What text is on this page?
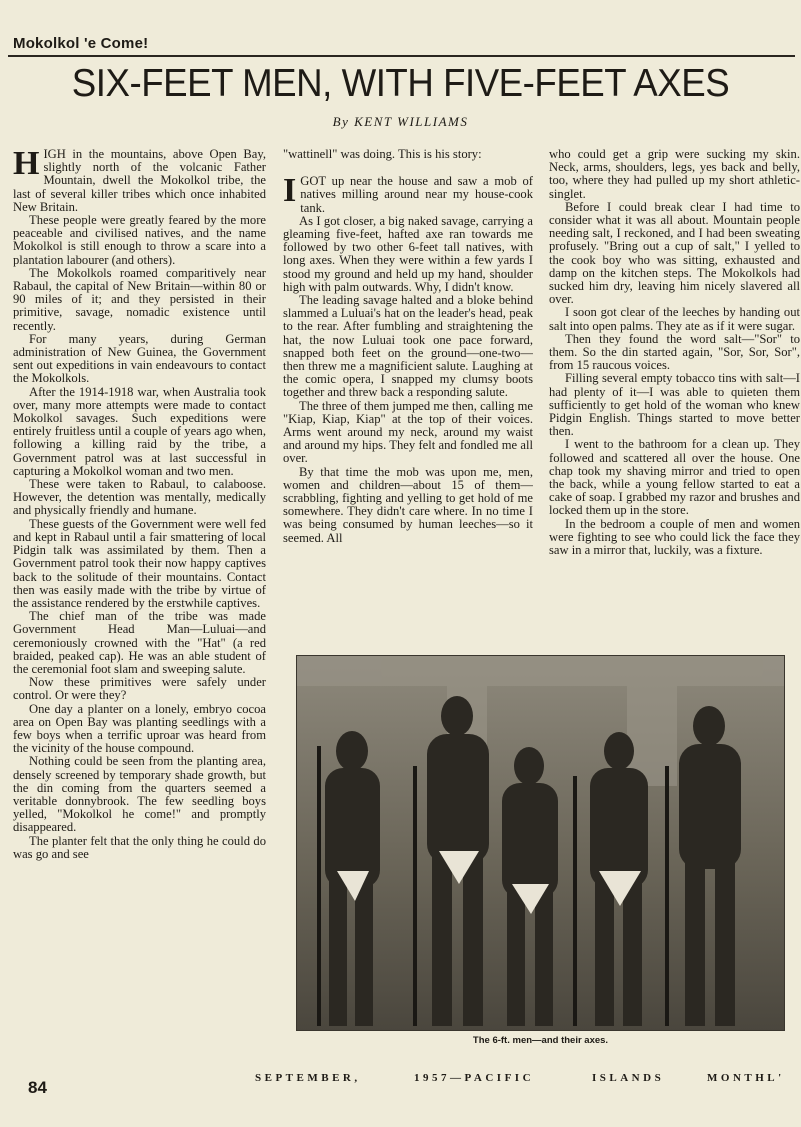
Mokolkol 'e Come!
SIX-FEET MEN, WITH FIVE-FEET AXES
By KENT WILLIAMS

HIGH in the mountains, above Open Bay, slightly north of the volcanic Father Mountain, dwell the Mokolkol tribe, the last of several killer tribes which once inhabited New Britain.

These people were greatly feared by the more peaceable and civilised natives, and the name Mokolkol is still enough to throw a scare into a plantation labourer (and others).

The Mokolkols roamed comparitively near Rabaul, the capital of New Britain—within 80 or 90 miles of it; and they persisted in their primitive, savage, nomadic existence until recently.

For many years, during German administration of New Guinea, the Government sent out expeditions in vain endeavours to contact the Mokolkols.

After the 1914-1918 war, when Australia took over, many more attempts were made to contact Mokolkol savages. Such expeditions were entirely fruitless until a couple of years ago when, following a killing raid by the tribe, a Government patrol was at last successful in capturing a Mokolkol woman and two men.

These were taken to Rabaul, to calaboose. However, the detention was mentally, medically and physically friendly and humane.

These guests of the Government were well fed and kept in Rabaul until a fair smattering of local Pidgin talk was assimilated by them. Then a Government patrol took their now happy captives back to the solitude of their mountains. Contact then was easily made with the tribe by virtue of the assistance rendered by the erstwhile captives.

The chief man of the tribe was made Government Head Man—Luluai—and ceremoniously crowned with the "Hat" (a red braided, peaked cap). He was an able student of the ceremonial foot slam and sweeping salute.

Now these primitives were safely under control. Or were they?

One day a planter on a lonely, embryo cocoa area on Open Bay was planting seedlings with a few boys when a terrific uproar was heard from the vicinity of the house compound.

Nothing could be seen from the planting area, densely screened by temporary shade growth, but the din coming from the quarters seemed a veritable donnybrook. The few seedling boys yelled, "Mokolkol he come!" and promptly disappeared.

The planter felt that the only thing he could do was go and see

"wattinell" was doing. This is his story:

IGOT up near the house and saw a mob of natives milling around near my house-cook tank.

As I got closer, a big naked savage, carrying a gleaming five-feet, hafted axe ran towards me followed by two other 6-feet tall natives, with long axes. When they were within a few yards I stood my ground and held up my hand, shoulder high with palm outwards. Why, I didn't know.

The leading savage halted and a bloke behind slammed a Luluai's hat on the leader's head, peak to the rear. After fumbling and straightening the hat, the now Luluai took one pace forward, snapped both feet on the ground—one-two—then threw me a magnificient salute. Laughing at the comic opera, I snapped my clumsy boots together and threw back a responding salute.

The three of them jumped me then, calling me "Kiap, Kiap, Kiap" at the top of their voices. Arms went around my neck, around my waist and around my hips. They felt and fondled me all over.

By that time the mob was upon me, men, women and children—about 15 of them—scrabbling, fighting and yelling to get hold of me somewhere. They didn't care where. In no time I was being consumed by human leeches—so it seemed. All

who could get a grip were sucking my skin. Neck, arms, shoulders, legs, yes back and belly, too, where they had pulled up my short athletic-singlet.

Before I could break clear I had time to consider what it was all about. Mountain people needing salt, I reckoned, and I had been sweating profusely. "Bring out a cup of salt," I yelled to the cook boy who was sitting, exhausted and damp on the kitchen steps. The Mokolkols had sucked him dry, leaving him nicely slavered all over.

I soon got clear of the leeches by handing out salt into open palms. They ate as if it were sugar.

Then they found the word salt—"Sor" to them. So the din started again, "Sor, Sor, Sor", from 15 raucous voices.

Filling several empty tobacco tins with salt—I had plenty of it—I was able to quieten them sufficiently to get hold of the woman who knew Pidgin English. Things started to move better then.

I went to the bathroom for a clean up. They followed and scattered all over the house. One chap took my shaving mirror and tried to open the back, while a young fellow started to eat a cake of soap. I grabbed my razor and brushes and locked them up in the store.

In the bedroom a couple of men and women were fighting to see who could lick the face they saw in a mirror that, luckily, was a fixture.

The 6-ft. men—and their axes.
84	SEPTEMBER,	1957—PACIFIC	ISLANDS	MONTHL'
